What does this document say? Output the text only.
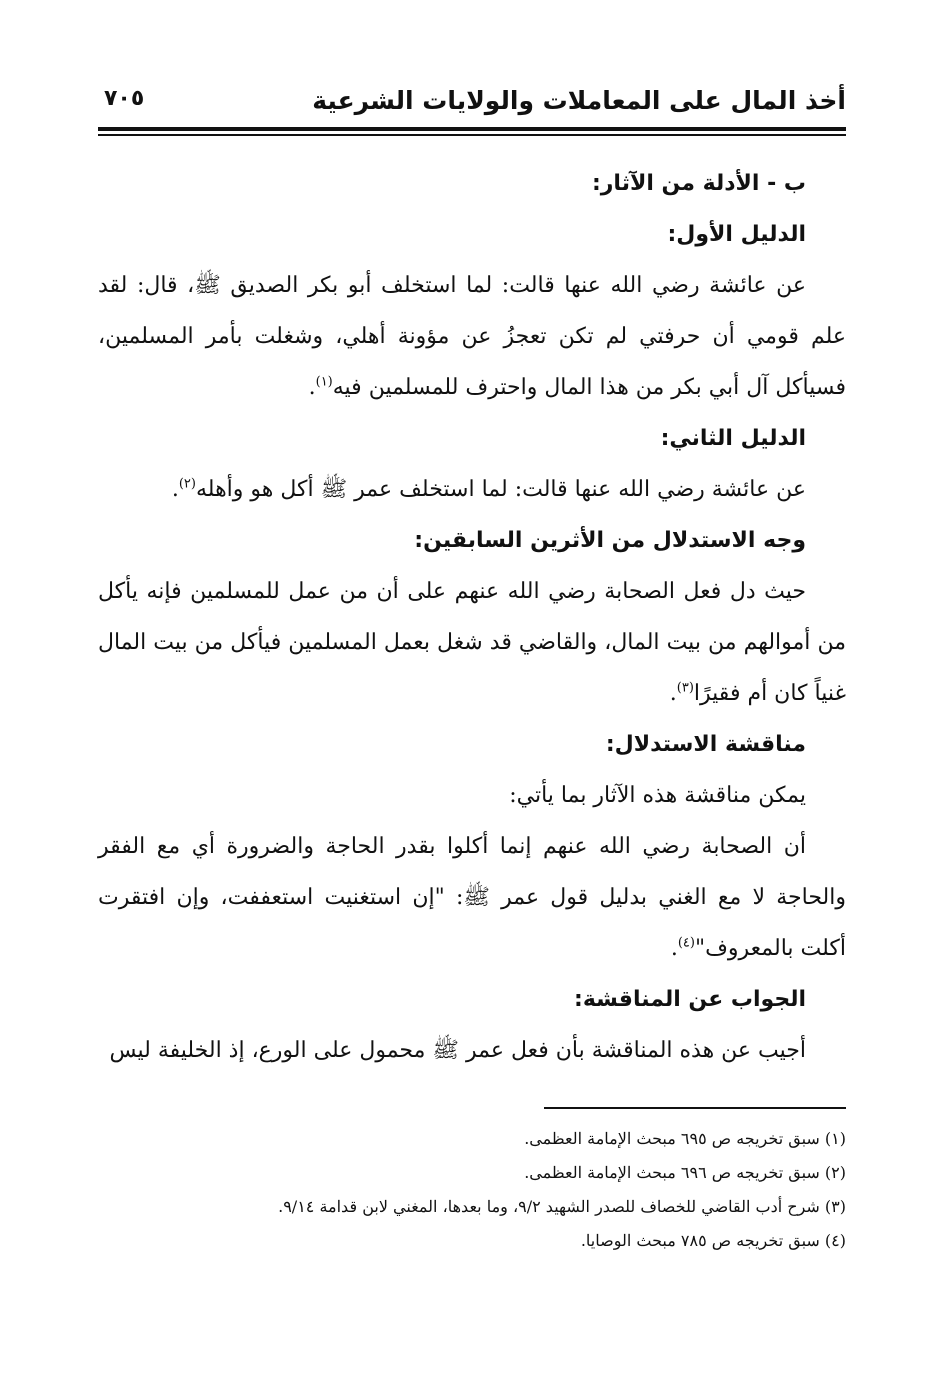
أخذ المال على المعاملات والولايات الشرعية
٧٠٥

ب - الأدلة من الآثار:

الدليل الأول:

عن عائشة رضي الله عنها قالت: لما استخلف أبو بكر الصديق ﷺ، قال: لقد علم قومي أن حرفتي لم تكن تعجزُ عن مؤونة أهلي، وشغلت بأمر المسلمين، فسيأكل آل أبي بكر من هذا المال واحترف للمسلمين فيه$^{(١)}$.

الدليل الثاني:

عن عائشة رضي الله عنها قالت: لما استخلف عمر ﷺ أكل هو وأهله$^{(٢)}$.

وجه الاستدلال من الأثرين السابقين:

حيث دل فعل الصحابة رضي الله عنهم على أن من عمل للمسلمين فإنه يأكل من أموالهم من بيت المال، والقاضي قد شغل بعمل المسلمين فيأكل من بيت المال غنياً كان أم فقيرًا$^{(٣)}$.

مناقشة الاستدلال:

يمكن مناقشة هذه الآثار بما يأتي:

أن الصحابة رضي الله عنهم إنما أكلوا بقدر الحاجة والضرورة أي مع الفقر والحاجة لا مع الغني بدليل قول عمر ﷺ: "إن استغنيت استعففت، وإن افتقرت أكلت بالمعروف"$^{(٤)}$.

الجواب عن المناقشة:

أجيب عن هذه المناقشة بأن فعل عمر ﷺ محمول على الورع، إذ الخليفة ليس

(١) سبق تخريجه ص ٦٩٥ مبحث الإمامة العظمى.

(٢) سبق تخريجه ص ٦٩٦ مبحث الإمامة العظمى.

(٣) شرح أدب القاضي للخصاف للصدر الشهيد ٩/٢، وما بعدها، المغني لابن قدامة ٩/١٤.

(٤) سبق تخريجه ص ٧٨٥ مبحث الوصايا.
